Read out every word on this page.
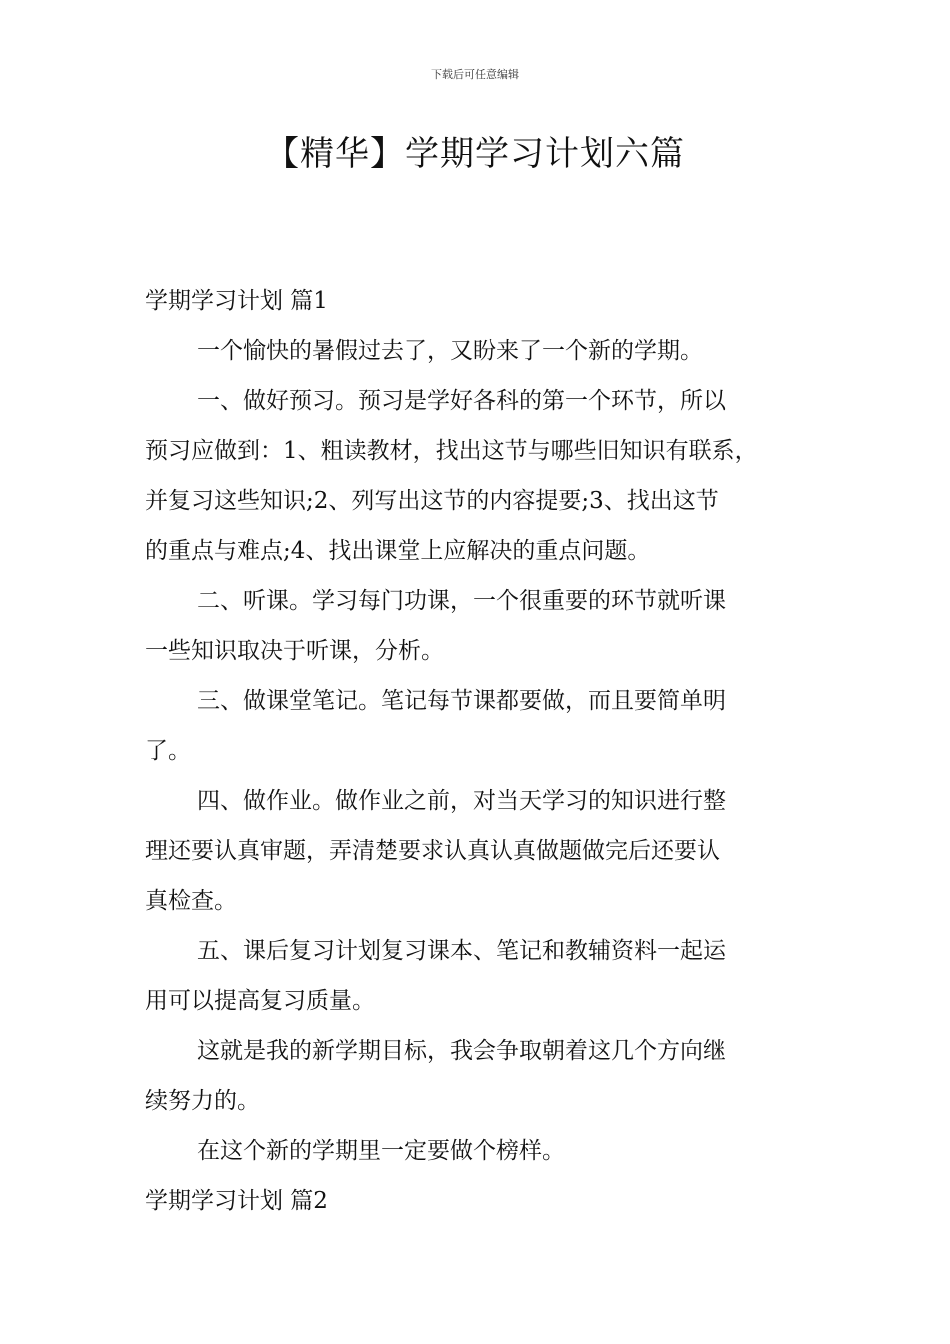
下载后可任意编辑
【精华】学期学习计划六篇
学期学习计划 篇1
一个愉快的暑假过去了，又盼来了一个新的学期。
一、做好预习。预习是学好各科的第一个环节，所以
预习应做到：1、粗读教材，找出这节与哪些旧知识有联系，
并复习这些知识;2、列写出这节的内容提要;3、找出这节
的重点与难点;4、找出课堂上应解决的重点问题。
二、听课。学习每门功课，一个很重要的环节就听课
一些知识取决于听课，分析。
三、做课堂笔记。笔记每节课都要做，而且要简单明
了。
四、做作业。做作业之前，对当天学习的知识进行整
理还要认真审题，弄清楚要求认真认真做题做完后还要认
真检查。
五、课后复习计划复习课本、笔记和教辅资料一起运
用可以提高复习质量。
这就是我的新学期目标，我会争取朝着这几个方向继
续努力的。
在这个新的学期里一定要做个榜样。
学期学习计划 篇2
